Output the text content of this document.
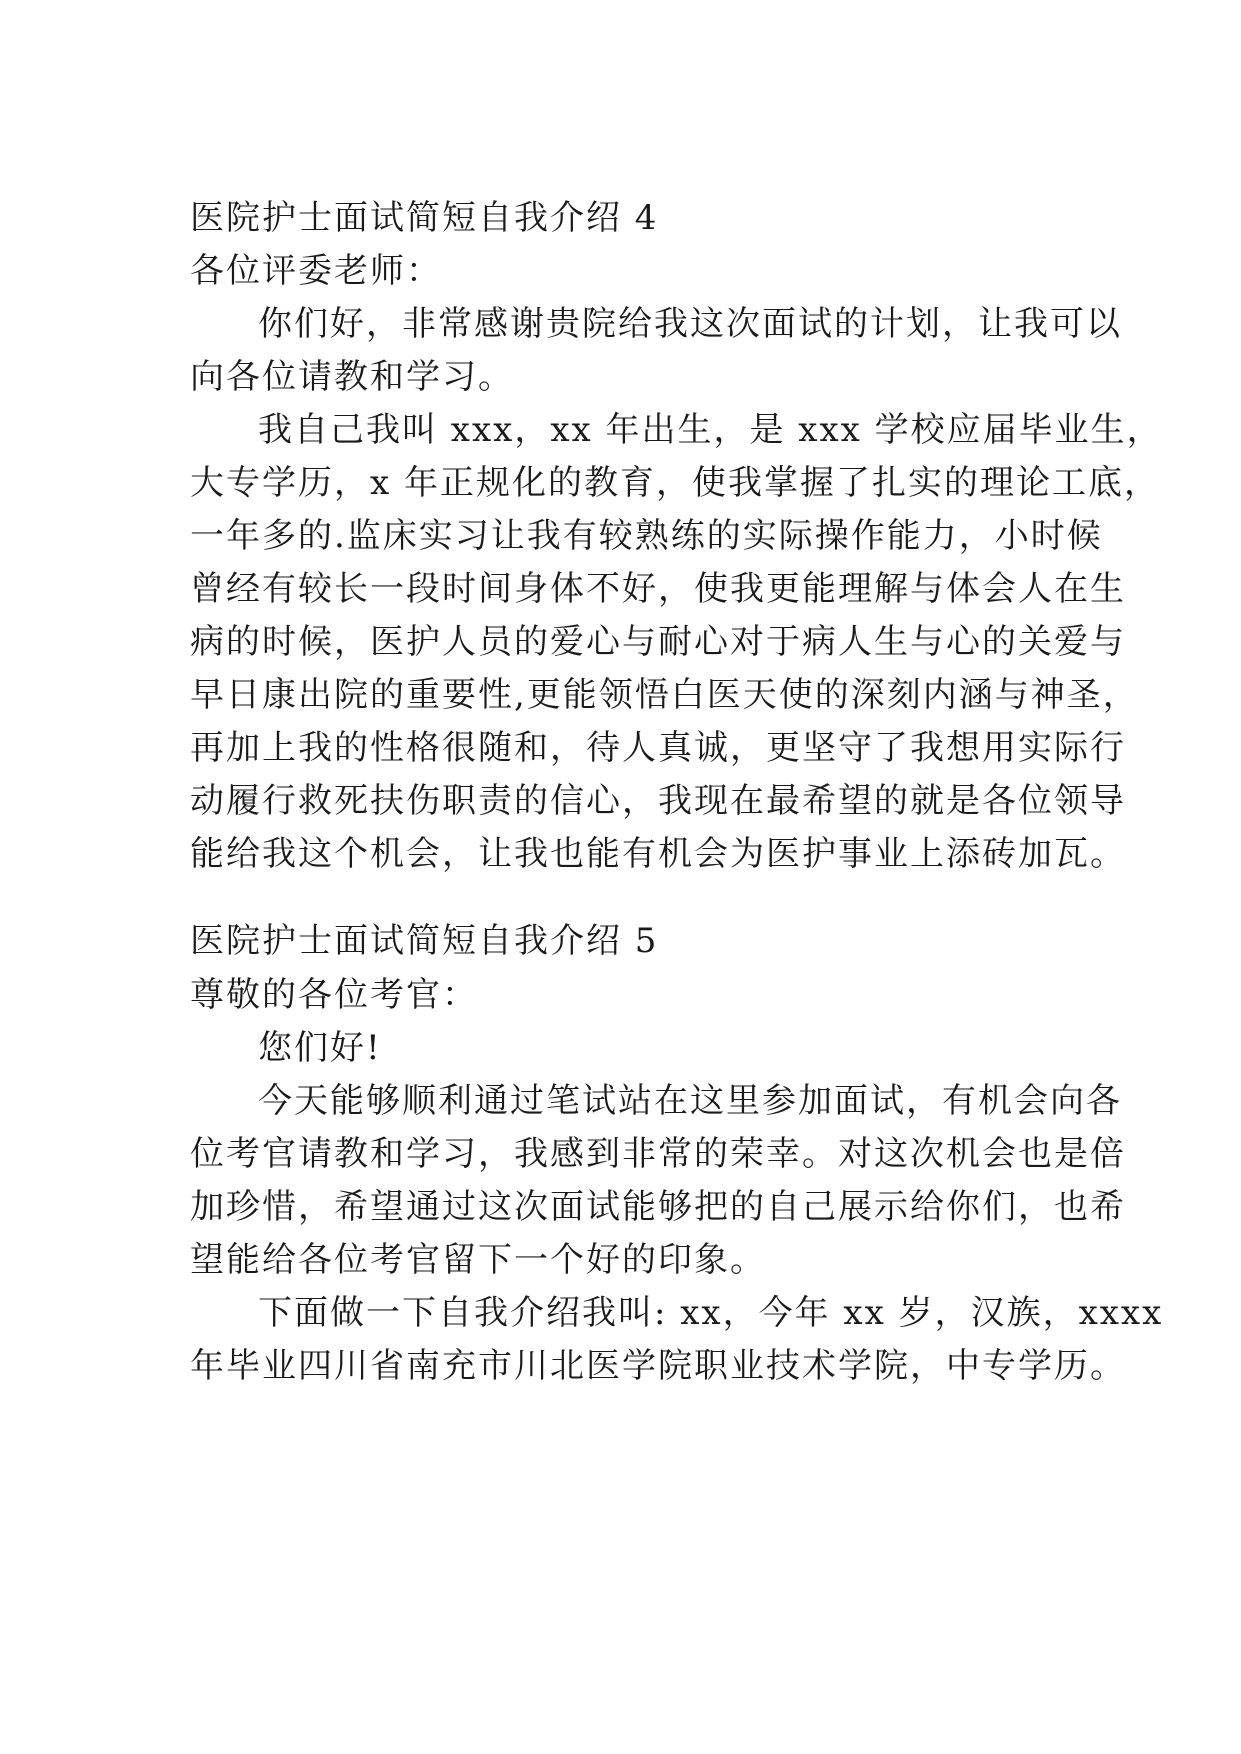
医院护士面试简短自我介绍 4
各位评委老师：
你们好，非常感谢贵院给我这次面试的计划，让我可以
向各位请教和学习。
我自己我叫 xxx，xx 年出生，是 xxx 学校应届毕业生，
大专学历，x 年正规化的教育，使我掌握了扎实的理论工底，
一年多的.监床实习让我有较熟练的实际操作能力，小时候
曾经有较长一段时间身体不好，使我更能理解与体会人在生
病的时候，医护人员的爱心与耐心对于病人生与心的关爱与
早日康出院的重要性,更能领悟白医天使的深刻内涵与神圣，
再加上我的性格很随和，待人真诚，更坚守了我想用实际行
动履行救死扶伤职责的信心，我现在最希望的就是各位领导
能给我这个机会，让我也能有机会为医护事业上添砖加瓦。
医院护士面试简短自我介绍 5
尊敬的各位考官：
您们好!
今天能够顺利通过笔试站在这里参加面试，有机会向各
位考官请教和学习，我感到非常的荣幸。对这次机会也是倍
加珍惜，希望通过这次面试能够把的自己展示给你们，也希
望能给各位考官留下一个好的印象。
下面做一下自我介绍我叫: xx，今年 xx 岁，汉族，xxxx
年毕业四川省南充市川北医学院职业技术学院，中专学历。
